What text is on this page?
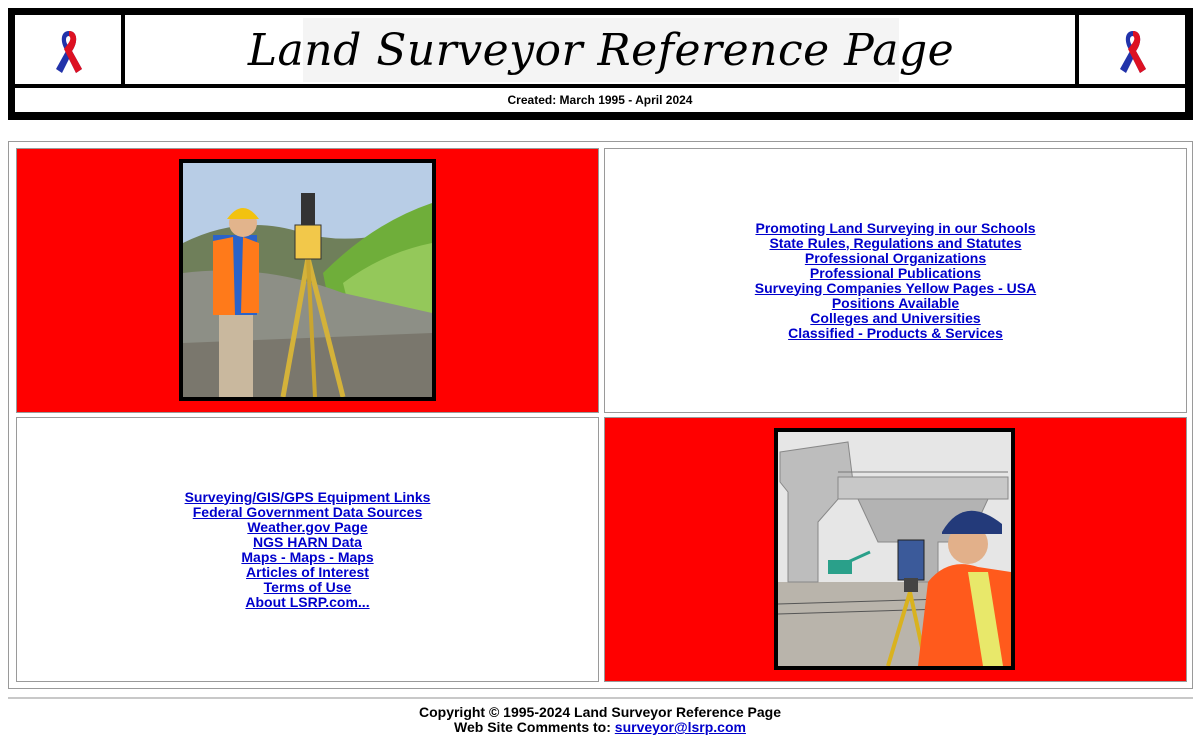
Land Surveyor Reference Page
Created: March 1995 - April 2024
Promoting Land Surveying in our Schools
State Rules, Regulations and Statutes
Professional Organizations
Professional Publications
Surveying Companies Yellow Pages - USA
Positions Available
Colleges and Universities
Classified - Products & Services
Surveying/GIS/GPS Equipment Links
Federal Government Data Sources
Weather.gov Page
NGS HARN Data
Maps - Maps - Maps
Articles of Interest
Terms of Use
About LSRP.com...
Copyright © 1995-2024 Land Surveyor Reference Page
Web Site Comments to: surveyor@lsrp.com
